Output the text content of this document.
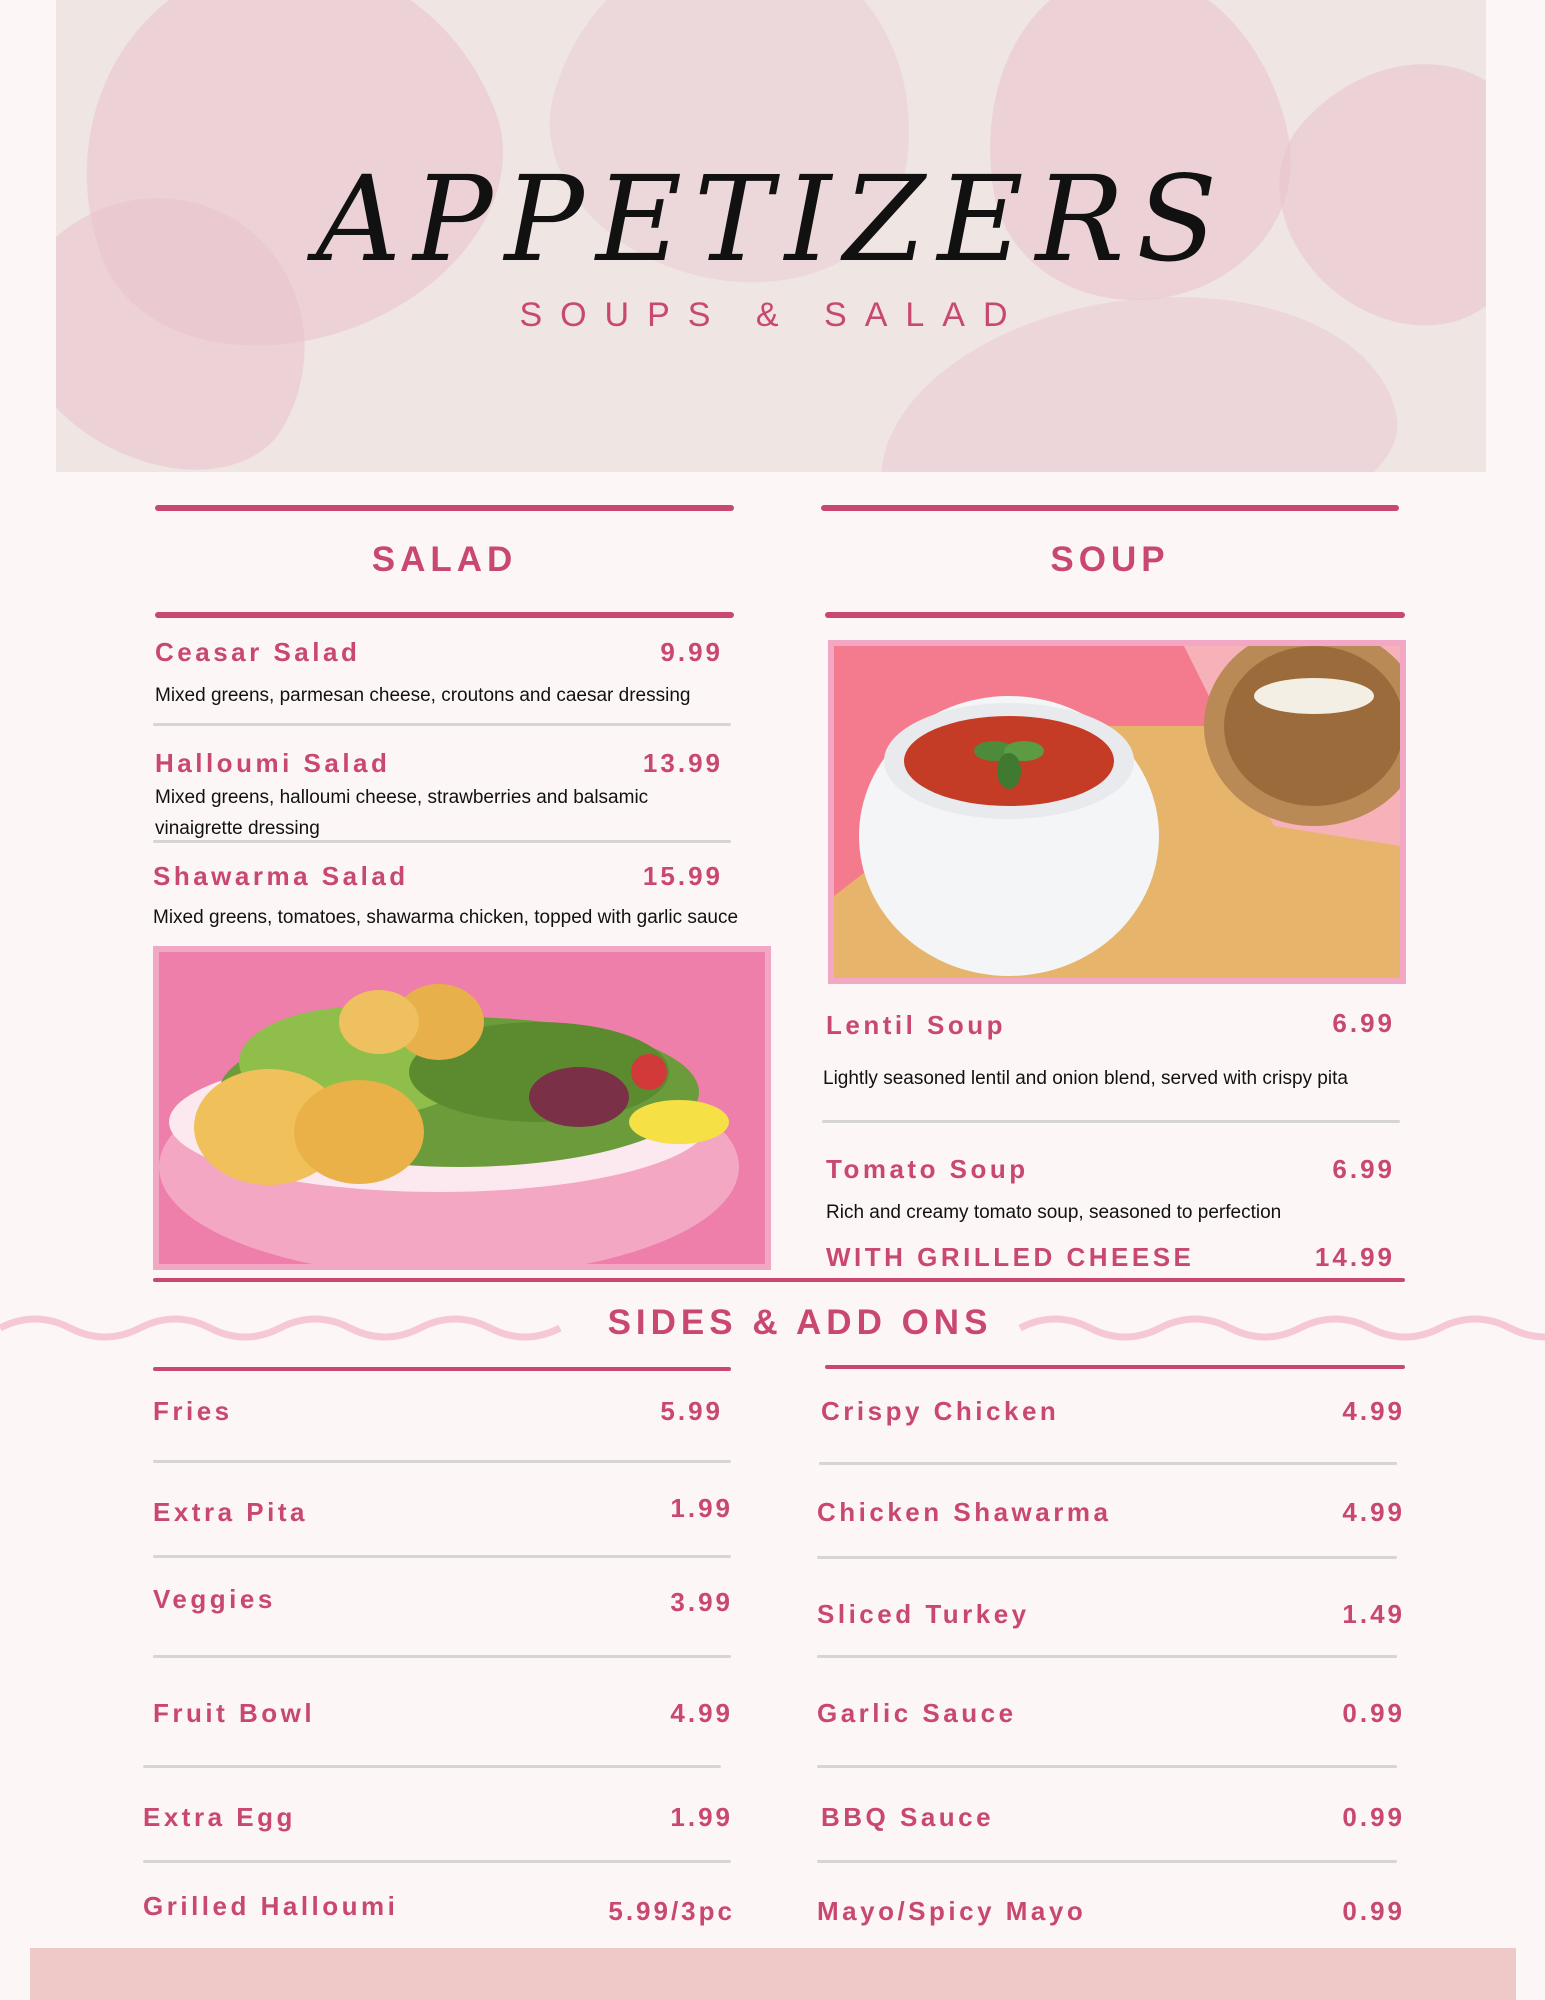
APPETIZERS
SOUPS & SALAD
SALAD
Ceasar Salad	9.99
Mixed greens, parmesan cheese, croutons and caesar dressing
Halloumi Salad	13.99
Mixed greens, halloumi cheese, strawberries and balsamic vinaigrette dressing
Shawarma Salad	15.99
Mixed greens, tomatoes, shawarma chicken, topped with garlic sauce
SOUP
Lentil Soup	6.99
Lightly seasoned lentil and onion blend, served with crispy pita
Tomato Soup	6.99
Rich and creamy tomato soup, seasoned to perfection
WITH GRILLED CHEESE	14.99
SIDES & ADD ONS
Fries	5.99
Extra Pita	1.99
Veggies	3.99
Fruit Bowl	4.99
Extra Egg	1.99
Grilled Halloumi	5.99/3pc
Crispy Chicken	4.99
Chicken Shawarma	4.99
Sliced Turkey	1.49
Garlic Sauce	0.99
BBQ Sauce	0.99
Mayo/Spicy Mayo	0.99
